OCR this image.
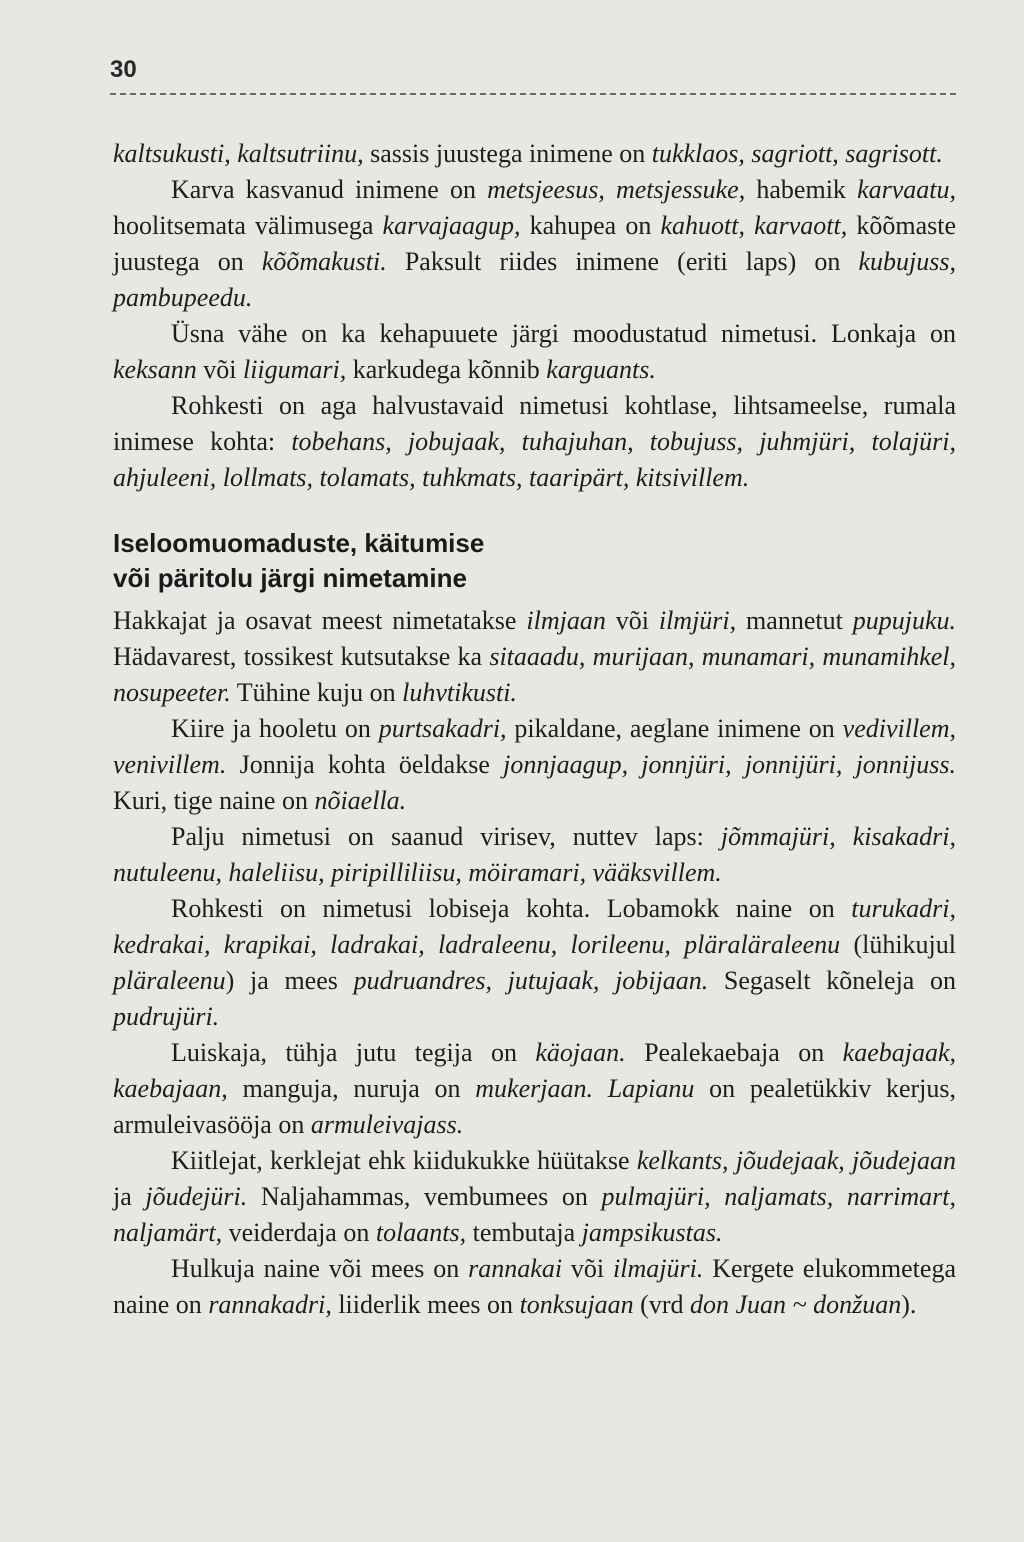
30

kaltsukusti, kaltsutriinu, sassis juustega inimene on tukklaos, sagriott, sagrisott.

Karva kasvanud inimene on metsjeesus, metsjessuke, habemik karvaatu, hoolitsemata välimusega karvajaagup, kahupea on kahuott, karvaott, kõõmaste juustega on kõõmakusti. Paksult riides inimene (eriti laps) on kubujuss, pambupeedu.

Üsna vähe on ka kehapuuete järgi moodustatud nimetusi. Lonkaja on keksann või liigumari, karkudega kõnnib karguants.

Rohkesti on aga halvustavaid nimetusi kohtlase, lihtsameelse, rumala inimese kohta: tobehans, jobujaak, tuhajuhan, tobujuss, juhmjüri, tolajüri, ahjuleeni, lollmats, tolamats, tuhkmats, taaripärt, kitsivillem.

Iseloomuomaduste, käitumise
või päritolu järgi nimetamine

Hakkajat ja osavat meest nimetatakse ilmjaan või ilmjüri, mannetut pupujuku. Hädavarest, tossikest kutsutakse ka sitaaadu, murijaan, munamari, munamihkel, nosupeeter. Tühine kuju on luhvtikusti.

Kiire ja hooletu on purtsakadri, pikaldane, aeglane inimene on vedivillem, venivillem. Jonnija kohta öeldakse jonnjaagup, jonnjüri, jonnijüri, jonnijuss. Kuri, tige naine on nõiaella.

Palju nimetusi on saanud virisev, nuttev laps: jõmmajüri, kisakadri, nutuleenu, haleliisu, piripilliliisu, möiramari, vääksvillem.

Rohkesti on nimetusi lobiseja kohta. Lobamokk naine on turukadri, kedrakai, krapikai, ladrakai, ladraleenu, lorileenu, pläraläraleenu (lühikujul pläraleenu) ja mees pudruandres, jutujaak, jobijaan. Segaselt kõneleja on pudrujüri.

Luiskaja, tühja jutu tegija on käojaan. Pealekaebaja on kaebajaak, kaebajaan, manguja, nuruja on mukerjaan. Lapianu on pealetükkiv kerjus, armuleivasööja on armuleivajass.

Kiitlejat, kerklejat ehk kiidukukke hüütakse kelkants, jõudejaak, jõudejaan ja jõudejüri. Naljahammas, vembumees on pulmajüri, naljamats, narrimart, naljamärt, veiderdaja on tolaants, tembutaja jampsikustas.

Hulkuja naine või mees on rannakai või ilmajüri. Kergete elukommetega naine on rannakadri, liiderlik mees on tonksujaan (vrd don Juan ~ donžuan).
